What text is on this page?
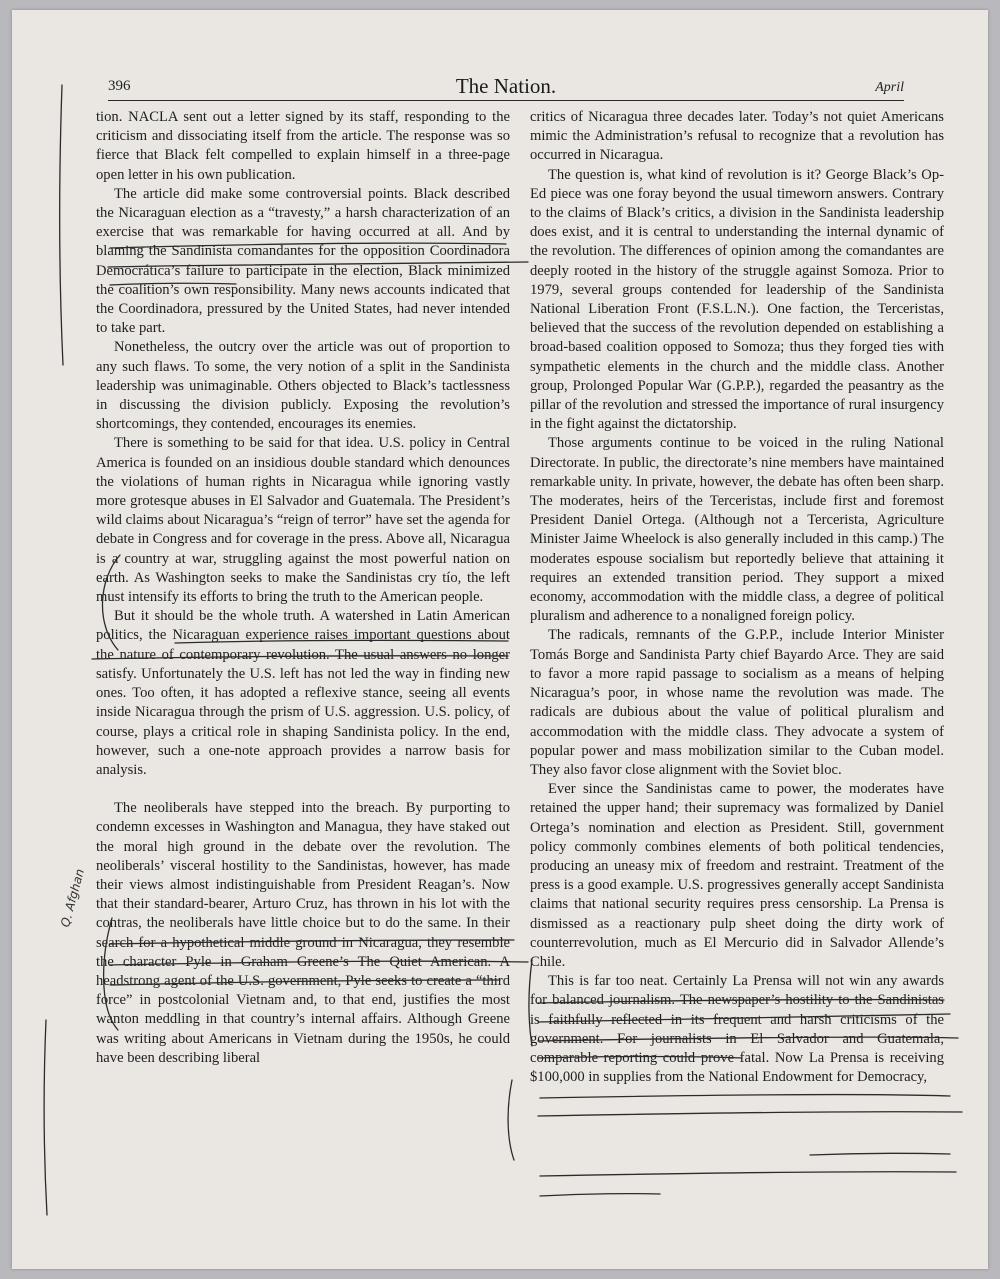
396	The Nation.	April

tion. NACLA sent out a letter signed by its staff, responding to the criticism and dissociating itself from the article. The response was so fierce that Black felt compelled to explain himself in a three-page open letter in his own publication.

The article did make some controversial points. Black described the Nicaraguan election as a “travesty,” a harsh characterization of an exercise that was remarkable for having occurred at all. And by blaming the Sandinista comandantes for the opposition Coordinadora Democrática’s failure to participate in the election, Black minimized the coalition’s own responsibility. Many news accounts indicated that the Coordinadora, pressured by the United States, had never intended to take part.

Nonetheless, the outcry over the article was out of proportion to any such flaws. To some, the very notion of a split in the Sandinista leadership was unimaginable. Others objected to Black’s tactlessness in discussing the division publicly. Exposing the revolution’s shortcomings, they contended, encourages its enemies.

There is something to be said for that idea. U.S. policy in Central America is founded on an insidious double standard which denounces the violations of human rights in Nicaragua while ignoring vastly more grotesque abuses in El Salvador and Guatemala. The President’s wild claims about Nicaragua’s “reign of terror” have set the agenda for debate in Congress and for coverage in the press. Above all, Nicaragua is a country at war, struggling against the most powerful nation on earth. As Washington seeks to make the Sandinistas cry tío, the left must intensify its efforts to bring the truth to the American people.

But it should be the whole truth. A watershed in Latin American politics, the Nicaraguan experience raises important questions about the nature of contemporary revolution. The usual answers no longer satisfy. Unfortunately the U.S. left has not led the way in finding new ones. Too often, it has adopted a reflexive stance, seeing all events inside Nicaragua through the prism of U.S. aggression. U.S. policy, of course, plays a critical role in shaping Sandinista policy. In the end, however, such a one-note approach provides a narrow basis for analysis.

The neoliberals have stepped into the breach. By purporting to condemn excesses in Washington and Managua, they have staked out the moral high ground in the debate over the revolution. The neoliberals’ visceral hostility to the Sandinistas, however, has made their views almost indistinguishable from President Reagan’s. Now that their standard-bearer, Arturo Cruz, has thrown in his lot with the contras, the neoliberals have little choice but to do the same. In their search for a hypothetical middle ground in Nicaragua, they resemble the character Pyle in Graham Greene’s The Quiet American. A headstrong agent of the U.S. government, Pyle seeks to create a “third force” in postcolonial Vietnam and, to that end, justifies the most wanton meddling in that country’s internal affairs. Although Greene was writing about Americans in Vietnam during the 1950s, he could have been describing liberal

critics of Nicaragua three decades later. Today’s not quiet Americans mimic the Administration’s refusal to recognize that a revolution has occurred in Nicaragua.

The question is, what kind of revolution is it? George Black’s Op-Ed piece was one foray beyond the usual timeworn answers. Contrary to the claims of Black’s critics, a division in the Sandinista leadership does exist, and it is central to understanding the internal dynamic of the revolution. The differences of opinion among the comandantes are deeply rooted in the history of the struggle against Somoza. Prior to 1979, several groups contended for leadership of the Sandinista National Liberation Front (F.S.L.N.). One faction, the Terceristas, believed that the success of the revolution depended on establishing a broad-based coalition opposed to Somoza; thus they forged ties with sympathetic elements in the church and the middle class. Another group, Prolonged Popular War (G.P.P.), regarded the peasantry as the pillar of the revolution and stressed the importance of rural insurgency in the fight against the dictatorship.

Those arguments continue to be voiced in the ruling National Directorate. In public, the directorate’s nine members have maintained remarkable unity. In private, however, the debate has often been sharp. The moderates, heirs of the Terceristas, include first and foremost President Daniel Ortega. (Although not a Tercerista, Agriculture Minister Jaime Wheelock is also generally included in this camp.) The moderates espouse socialism but reportedly believe that attaining it requires an extended transition period. They support a mixed economy, accommodation with the middle class, a degree of political pluralism and adherence to a nonaligned foreign policy.

The radicals, remnants of the G.P.P., include Interior Minister Tomás Borge and Sandinista Party chief Bayardo Arce. They are said to favor a more rapid passage to socialism as a means of helping Nicaragua’s poor, in whose name the revolution was made. The radicals are dubious about the value of political pluralism and accommodation with the middle class. They advocate a system of popular power and mass mobilization similar to the Cuban model. They also favor close alignment with the Soviet bloc.

Ever since the Sandinistas came to power, the moderates have retained the upper hand; their supremacy was formalized by Daniel Ortega’s nomination and election as President. Still, government policy commonly combines elements of both political tendencies, producing an uneasy mix of freedom and restraint. Treatment of the press is a good example. U.S. progressives generally accept Sandinista claims that national security requires press censorship. La Prensa is dismissed as a reactionary pulp sheet doing the dirty work of counterrevolution, much as El Mercurio did in Salvador Allende’s Chile.

This is far too neat. Certainly La Prensa will not win any awards for balanced journalism. The newspaper’s hostility to the Sandinistas is faithfully reflected in its frequent and harsh criticisms of the government. For journalists in El Salvador and Guatemala, comparable reporting could prove fatal. Now La Prensa is receiving $100,000 in supplies from the National Endowment for Democracy,

Q. Afghan
